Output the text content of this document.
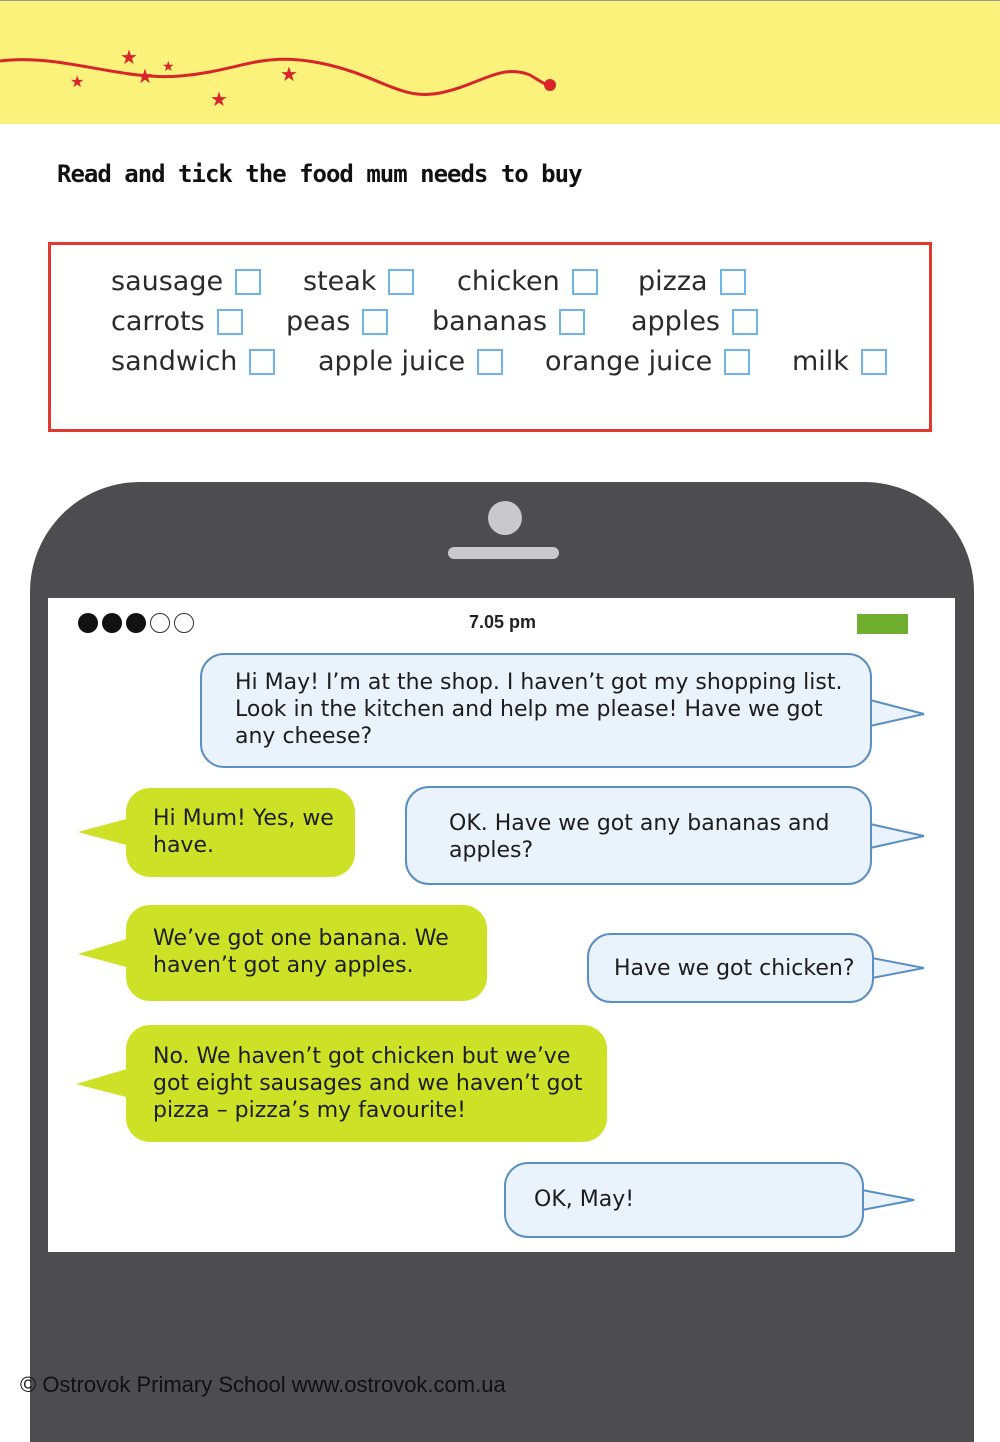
★
★ ★
★
★
★
Read and tick the food mum needs to buy
sausage	steak	chicken	pizza
carrots	peas	bananas	apples
sandwich	apple juice	orange juice	milk
7.05 pm
Hi May! I’m at the shop. I haven’t got my shopping list. Look in the kitchen and help me please! Have we got any cheese?
Hi Mum! Yes, we have.
OK. Have we got any bananas and apples?
We’ve got one banana. We haven’t got any apples.	Have we got chicken?
No. We haven’t got chicken but we’ve got eight sausages and we haven’t got pizza – pizza’s my favourite!
OK, May!
© Ostrovok Primary School www.ostrovok.com.ua
